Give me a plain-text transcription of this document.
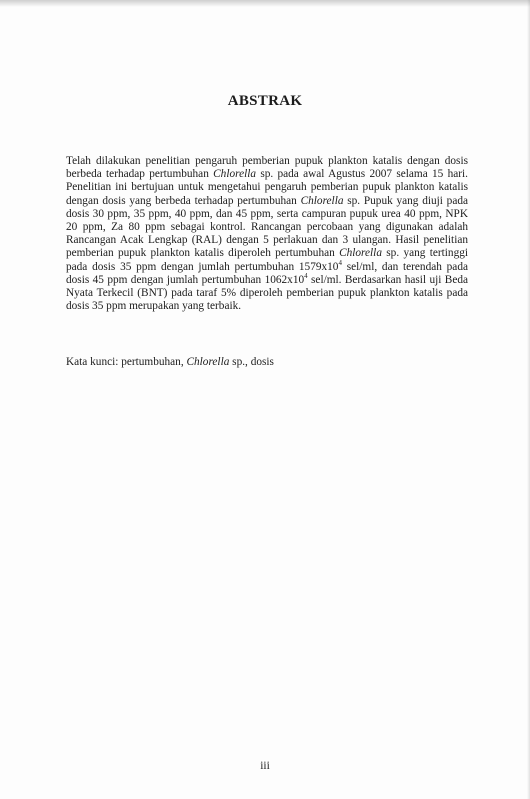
ABSTRAK

Telah dilakukan penelitian pengaruh pemberian pupuk plankton katalis dengan dosis berbeda terhadap pertumbuhan Chlorella sp. pada awal Agustus 2007 selama 15 hari. Penelitian ini bertujuan untuk mengetahui pengaruh pemberian pupuk plankton katalis dengan dosis yang berbeda terhadap pertumbuhan Chlorella sp. Pupuk yang diuji pada dosis 30 ppm, 35 ppm, 40 ppm, dan 45 ppm, serta campuran pupuk urea 40 ppm, NPK 20 ppm, Za 80 ppm sebagai kontrol. Rancangan percobaan yang digunakan adalah Rancangan Acak Lengkap (RAL) dengan 5 perlakuan dan 3 ulangan. Hasil penelitian pemberian pupuk plankton katalis diperoleh pertumbuhan Chlorella sp. yang tertinggi pada dosis 35 ppm dengan jumlah pertumbuhan $1579x10^4$ sel/ml, dan terendah pada dosis 45 ppm dengan jumlah pertumbuhan $1062x10^4$ sel/ml. Berdasarkan hasil uji Beda Nyata Terkecil (BNT) pada taraf 5% diperoleh pemberian pupuk plankton katalis pada dosis 35 ppm merupakan yang terbaik.

Kata kunci: pertumbuhan, Chlorella sp., dosis

iii
